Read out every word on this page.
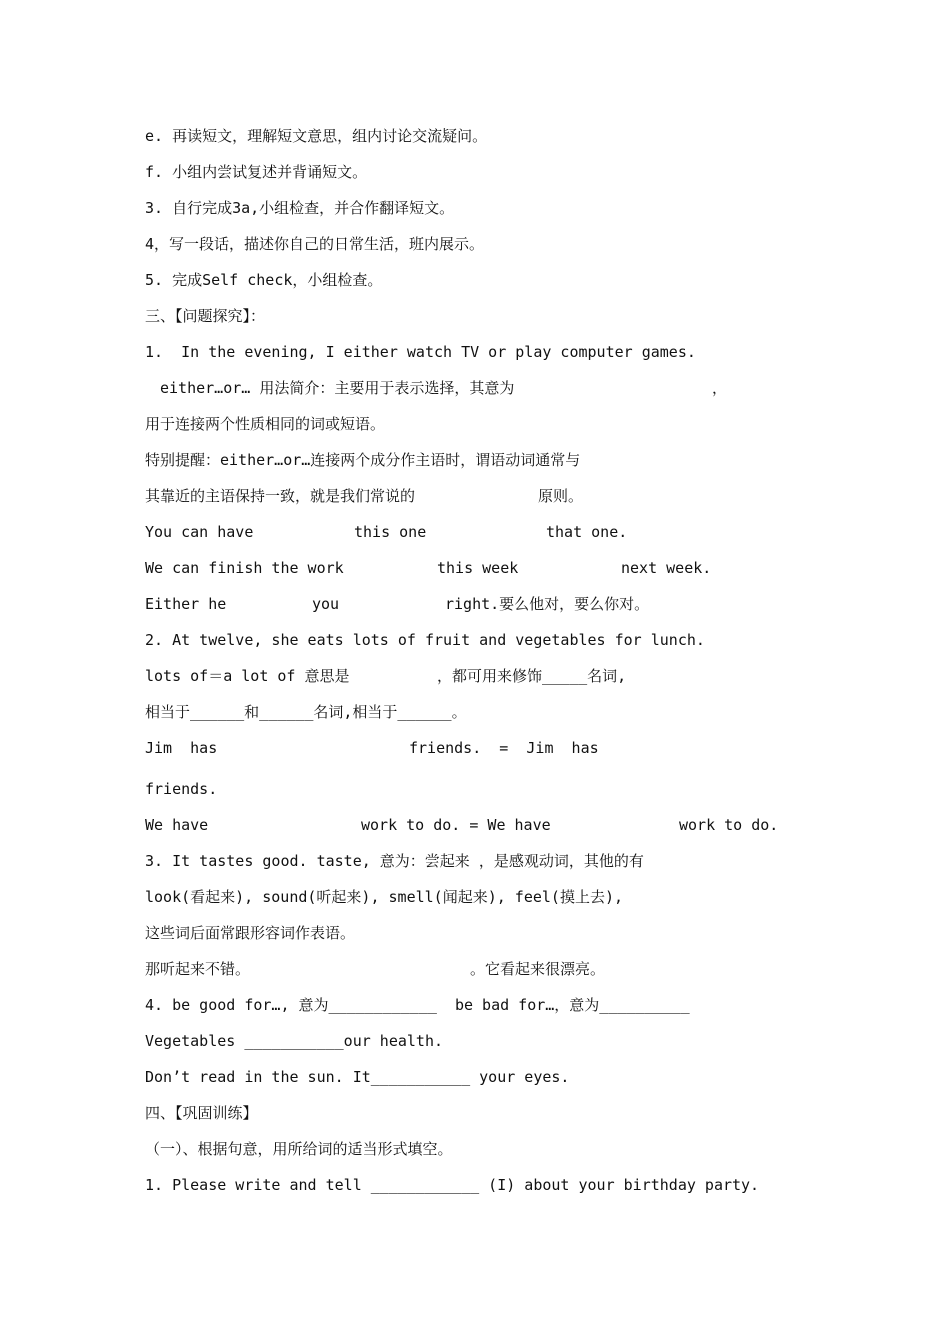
e. 再读短文，理解短文意思，组内讨论交流疑问。
f. 小组内尝试复述并背诵短文。
3. 自行完成3a,小组检查，并合作翻译短文。
4，写一段话，描述你自己的日常生活，班内展示。
5. 完成Self check，小组检查。
三、【问题探究】：
1.  In the evening, I either watch TV or play computer games.
either…or… 用法简介：主要用于表示选择，其意为	，
用于连接两个性质相同的词或短语。
特别提醒：either…or…连接两个成分作主语时，谓语动词通常与
其靠近的主语保持一致，就是我们常说的	原则。
You can have	this one	that one.
We can finish the work	this week	next week.
Either he	you	right.要么他对，要么你对。
2. At twelve, she eats lots of fruit and vegetables for lunch.
lots of＝a lot of 意思是	，都可用来修饰_____名词,
相当于______和______名词,相当于______。
Jim  has	friends.  =  Jim  has
friends.
We have	work to do. = We have	work to do.
3. It tastes good. taste, 意为：尝起来 ，是感观动词，其他的有
look(看起来), sound(听起来), smell(闻起来), feel(摸上去),
这些词后面常跟形容词作表语。
那听起来不错。	。它看起来很漂亮。
4. be good for…, 意为____________  be bad for…，意为__________
Vegetables ___________our health.
Don’t read in the sun. It___________ your eyes.
四、【巩固训练】
（一）、根据句意，用所给词的适当形式填空。
1. Please write and tell ____________ (I) about your birthday party.
